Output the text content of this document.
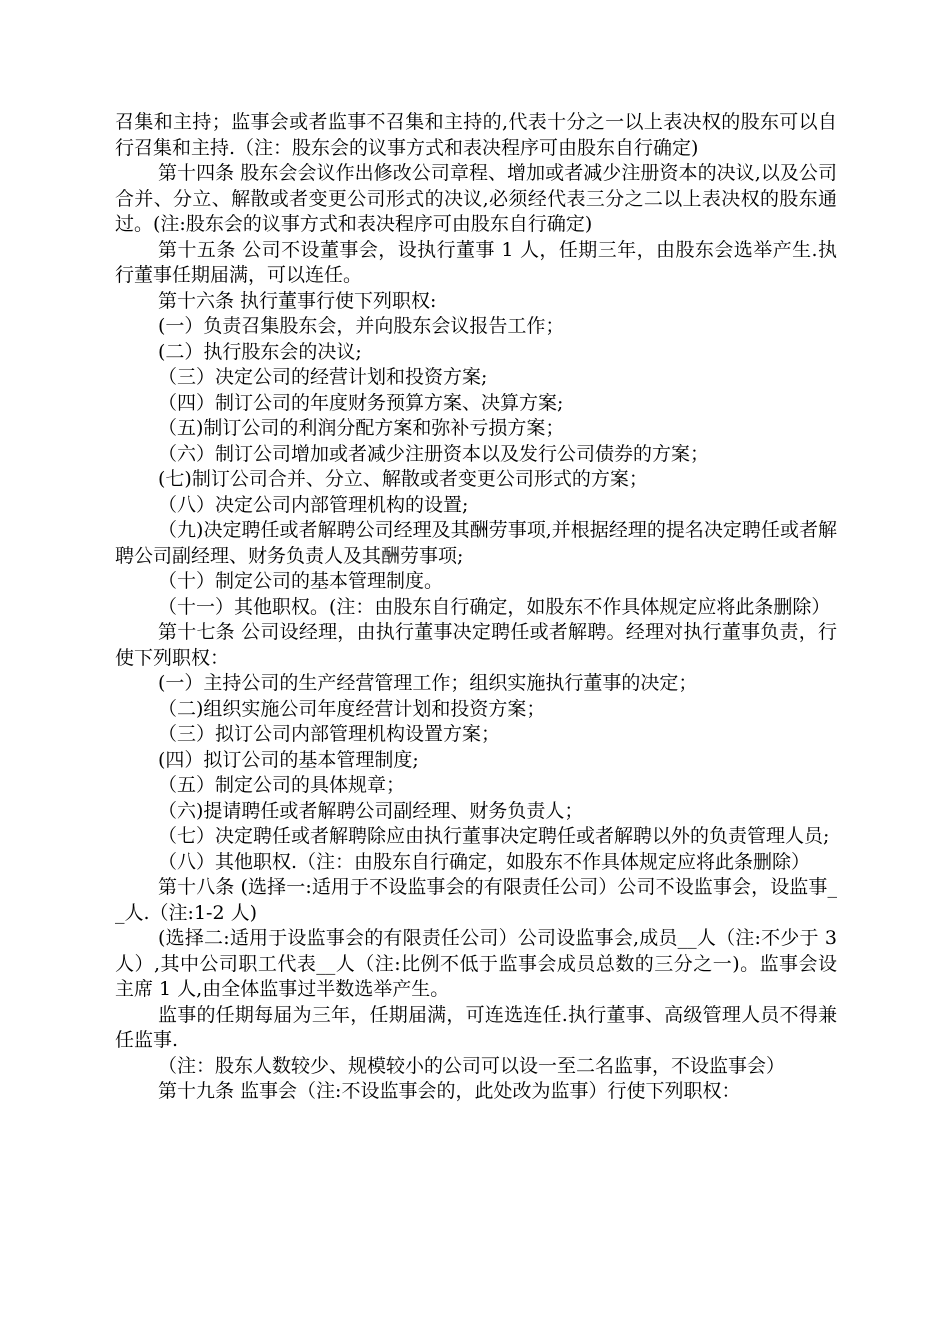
召集和主持；监事会或者监事不召集和主持的,代表十分之一以上表决权的股东可以自行召集和主持.（注：股东会的议事方式和表决程序可由股东自行确定)

第十四条 股东会会议作出修改公司章程、增加或者减少注册资本的决议,以及公司合并、分立、解散或者变更公司形式的决议,必须经代表三分之二以上表决权的股东通过。(注:股东会的议事方式和表决程序可由股东自行确定)

第十五条 公司不设董事会，设执行董事 1 人，任期三年，由股东会选举产生.执行董事任期届满，可以连任。

第十六条 执行董事行使下列职权:

(一）负责召集股东会，并向股东会议报告工作；

(二）执行股东会的决议;

（三）决定公司的经营计划和投资方案;

（四）制订公司的年度财务预算方案、决算方案;

（五)制订公司的利润分配方案和弥补亏损方案；

（六）制订公司增加或者减少注册资本以及发行公司债券的方案；

(七)制订公司合并、分立、解散或者变更公司形式的方案；

（八）决定公司内部管理机构的设置;

（九)决定聘任或者解聘公司经理及其酬劳事项,并根据经理的提名决定聘任或者解聘公司副经理、财务负责人及其酬劳事项;

（十）制定公司的基本管理制度。

（十一）其他职权。(注：由股东自行确定，如股东不作具体规定应将此条删除）

第十七条 公司设经理，由执行董事决定聘任或者解聘。经理对执行董事负责，行使下列职权：

(一）主持公司的生产经营管理工作；组织实施执行董事的决定；

（二)组织实施公司年度经营计划和投资方案；

（三）拟订公司内部管理机构设置方案；

(四）拟订公司的基本管理制度;

（五）制定公司的具体规章；

（六)提请聘任或者解聘公司副经理、财务负责人；

（七）决定聘任或者解聘除应由执行董事决定聘任或者解聘以外的负责管理人员;

（八）其他职权.（注：由股东自行确定，如股东不作具体规定应将此条删除）

第十八条 (选择一:适用于不设监事会的有限责任公司）公司不设监事会，设监事__人.（注:1-2 人)

(选择二:适用于设监事会的有限责任公司）公司设监事会,成员__人（注:不少于 3 人）,其中公司职工代表__人（注:比例不低于监事会成员总数的三分之一)。监事会设主席 1 人,由全体监事过半数选举产生。

监事的任期每届为三年，任期届满，可连选连任.执行董事、高级管理人员不得兼任监事.

（注：股东人数较少、规模较小的公司可以设一至二名监事，不设监事会）

第十九条 监事会（注:不设监事会的，此处改为监事）行使下列职权：
